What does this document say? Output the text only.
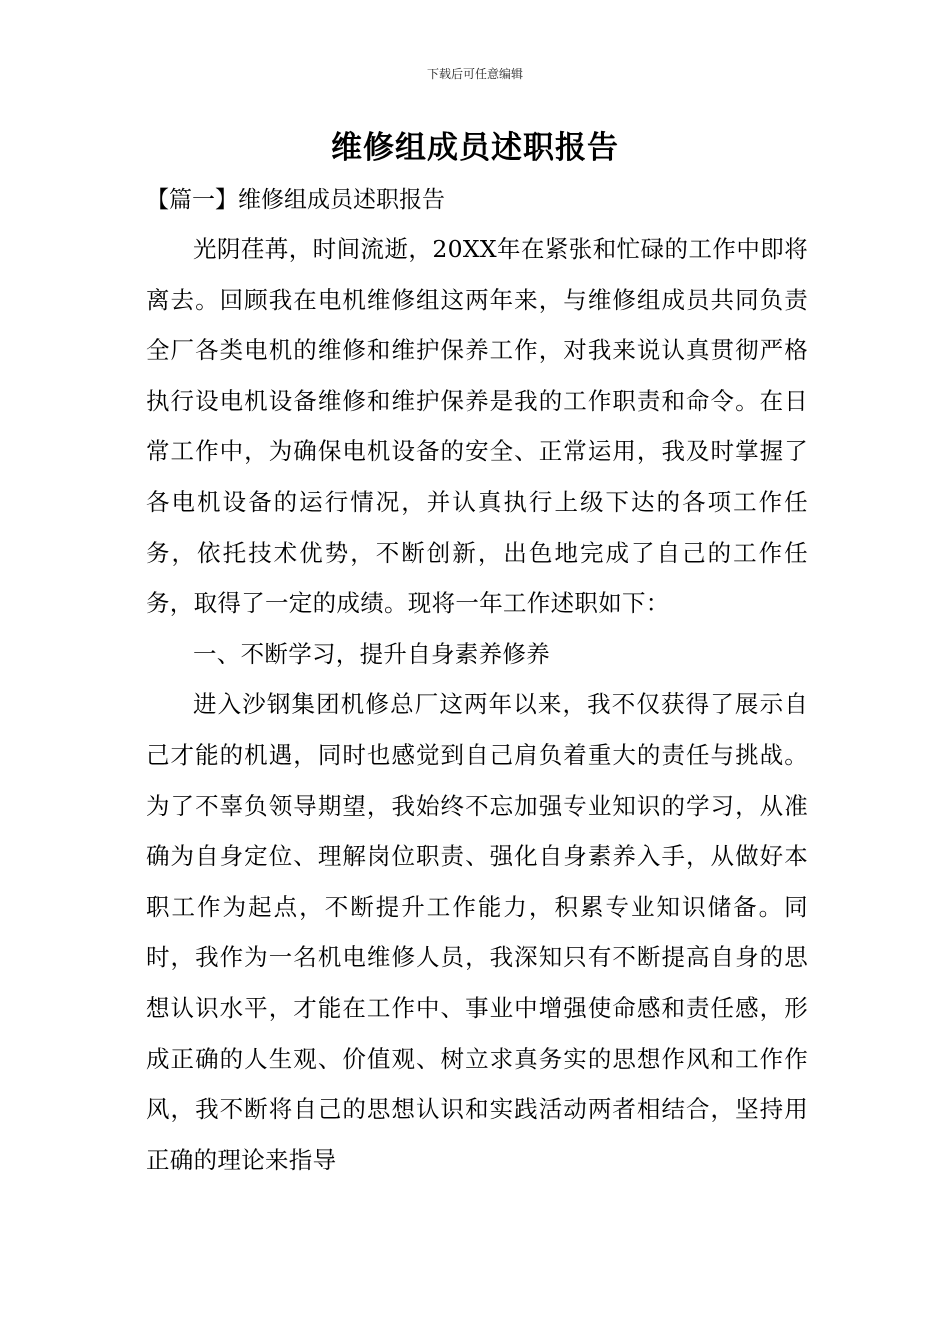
下载后可任意编辑
维修组成员述职报告
【篇一】维修组成员述职报告

光阴荏苒，时间流逝，20XX年在紧张和忙碌的工作中即将离去。回顾我在电机维修组这两年来，与维修组成员共同负责全厂各类电机的维修和维护保养工作，对我来说认真贯彻严格执行设电机设备维修和维护保养是我的工作职责和命令。在日常工作中，为确保电机设备的安全、正常运用，我及时掌握了各电机设备的运行情况，并认真执行上级下达的各项工作任务，依托技术优势，不断创新，出色地完成了自己的工作任务，取得了一定的成绩。现将一年工作述职如下：

一、不断学习，提升自身素养修养

进入沙钢集团机修总厂这两年以来，我不仅获得了展示自己才能的机遇，同时也感觉到自己肩负着重大的责任与挑战。为了不辜负领导期望，我始终不忘加强专业知识的学习，从准确为自身定位、理解岗位职责、强化自身素养入手，从做好本职工作为起点，不断提升工作能力，积累专业知识储备。同时，我作为一名机电维修人员，我深知只有不断提高自身的思想认识水平，才能在工作中、事业中增强使命感和责任感，形成正确的人生观、价值观、树立求真务实的思想作风和工作作风，我不断将自己的思想认识和实践活动两者相结合，坚持用正确的理论来指导
